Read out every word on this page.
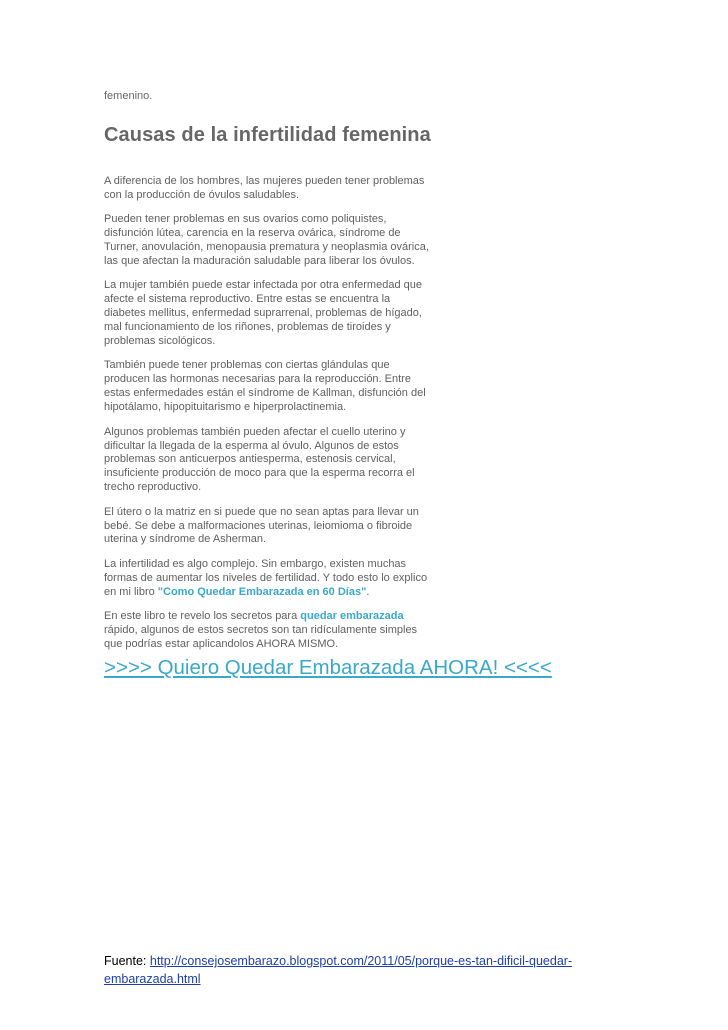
femenino.
Causas de la infertilidad femenina

A diferencia de los hombres, las mujeres pueden tener problemas con la producción de óvulos saludables.

Pueden tener problemas en sus ovarios como poliquistes, disfunción lútea, carencia en la reserva ovárica, síndrome de Turner, anovulación, menopausia prematura y neoplasmia ovárica, las que afectan la maduración saludable para liberar los óvulos.

La mujer también puede estar infectada por otra enfermedad que afecte el sistema reproductivo. Entre estas se encuentra la diabetes mellitus, enfermedad suprarrenal, problemas de hígado, mal funcionamiento de los riñones, problemas de tiroides y problemas sicológicos.

También puede tener problemas con ciertas glándulas que producen las hormonas necesarias para la reproducción. Entre estas enfermedades están el síndrome de Kallman, disfunción del hipotálamo, hipopituitarismo e hiperprolactinemia.

Algunos problemas también pueden afectar el cuello uterino y dificultar la llegada de la esperma al óvulo. Algunos de estos problemas son anticuerpos antiesperma, estenosis cervical, insuficiente producción de moco para que la esperma recorra el trecho reproductivo.

El útero o la matriz en si puede que no sean aptas para llevar un bebé. Se debe a malformaciones uterinas, leiomioma o fibroide uterina y síndrome de Asherman.

La infertilidad es algo complejo. Sin embargo, existen muchas formas de aumentar los niveles de fertilidad. Y todo esto lo explico en mi libro "Como Quedar Embarazada en 60 Días".

En este libro te revelo los secretos para quedar embarazada rápido, algunos de estos secretos son tan ridículamente simples que podrías estar aplicandolos AHORA MISMO.

>>>> Quiero Quedar Embarazada AHORA! <<<<
Fuente: http://consejosembarazo.blogspot.com/2011/05/porque-es-tan-dificil-quedar-embarazada.html
